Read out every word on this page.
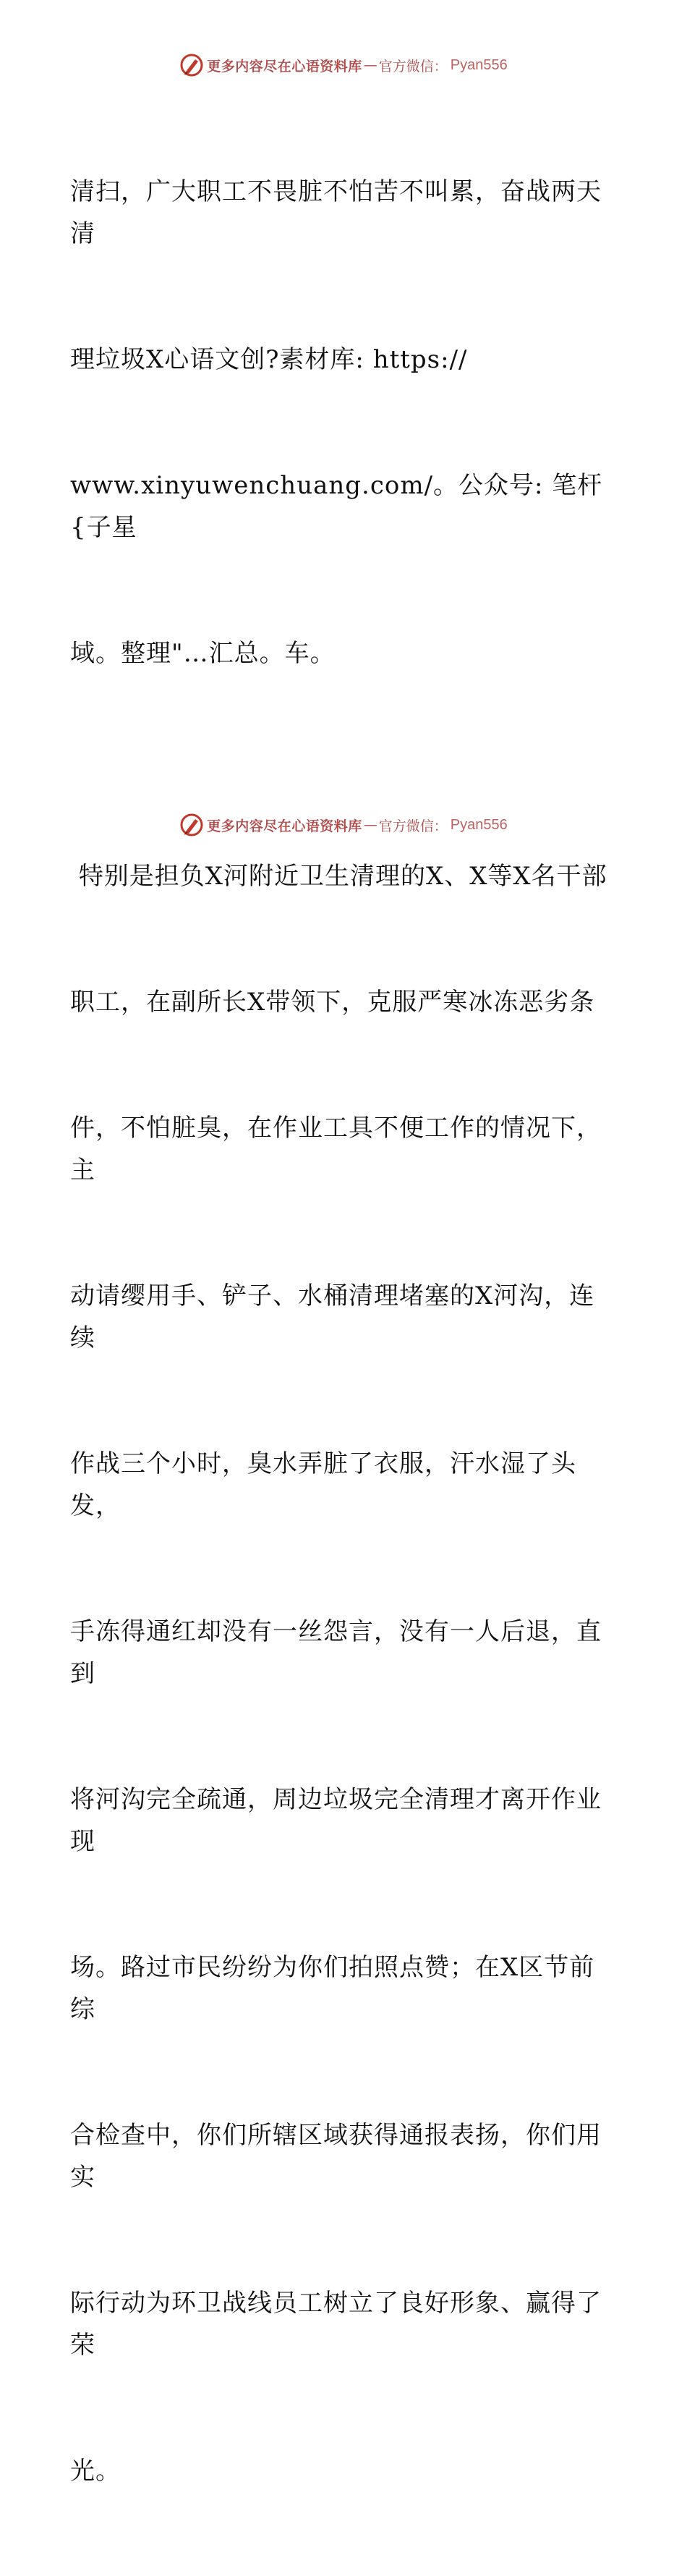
更多内容尽在心语资料库 — 官方微信： Pyan556

清扫，广大职工不畏脏不怕苦不叫累，奋战两天清

理垃圾X心语文创?素材库: https://

www.xinyuwenchuang.com/。公众号: 笔杆{子星

域。整理"…汇总。车。

特别是担负X河附近卫生清理的X、X等X名干部

职工，在副所长X带领下，克服严寒冰冻恶劣条

件，不怕脏臭，在作业工具不便工作的情况下，主

动请缨用手、铲子、水桶清理堵塞的X河沟，连续

作战三个小时，臭水弄脏了衣服，汗水湿了头发，

手冻得通红却没有一丝怨言，没有一人后退，直到

将河沟完全疏通，周边垃圾完全清理才离开作业现

场。路过市民纷纷为你们拍照点赞；在X区节前综

合检查中，你们所辖区域获得通报表扬，你们用实

际行动为环卫战线员工树立了良好形象、赢得了荣

光。

更多内容尽在心语资料库 — 官方微信： Pyan556
